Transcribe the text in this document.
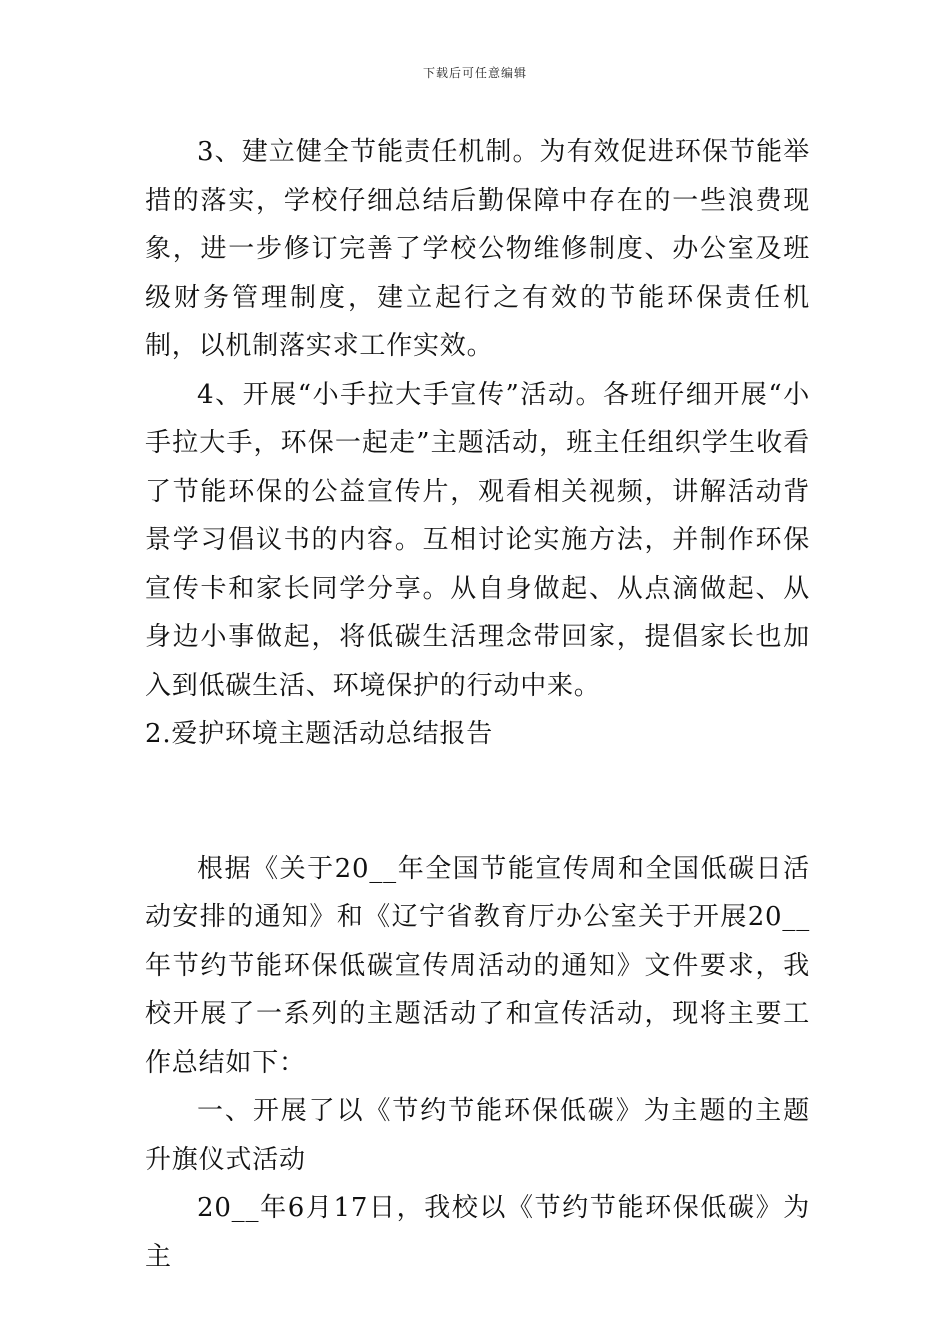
下载后可任意编辑

3、建立健全节能责任机制。为有效促进环保节能举措的落实，学校仔细总结后勤保障中存在的一些浪费现象，进一步修订完善了学校公物维修制度、办公室及班级财务管理制度，建立起行之有效的节能环保责任机制，以机制落实求工作实效。

4、开展“小手拉大手宣传”活动。各班仔细开展“小手拉大手，环保一起走”主题活动，班主任组织学生收看了节能环保的公益宣传片，观看相关视频，讲解活动背景学习倡议书的内容。互相讨论实施方法，并制作环保宣传卡和家长同学分享。从自身做起、从点滴做起、从身边小事做起，将低碳生活理念带回家，提倡家长也加入到低碳生活、环境保护的行动中来。

2.爱护环境主题活动总结报告

根据《关于20__年全国节能宣传周和全国低碳日活动安排的通知》和《辽宁省教育厅办公室关于开展20__年节约节能环保低碳宣传周活动的通知》文件要求，我校开展了一系列的主题活动了和宣传活动，现将主要工作总结如下：

一、开展了以《节约节能环保低碳》为主题的主题升旗仪式活动

20__年6月17日，我校以《节约节能环保低碳》为主
